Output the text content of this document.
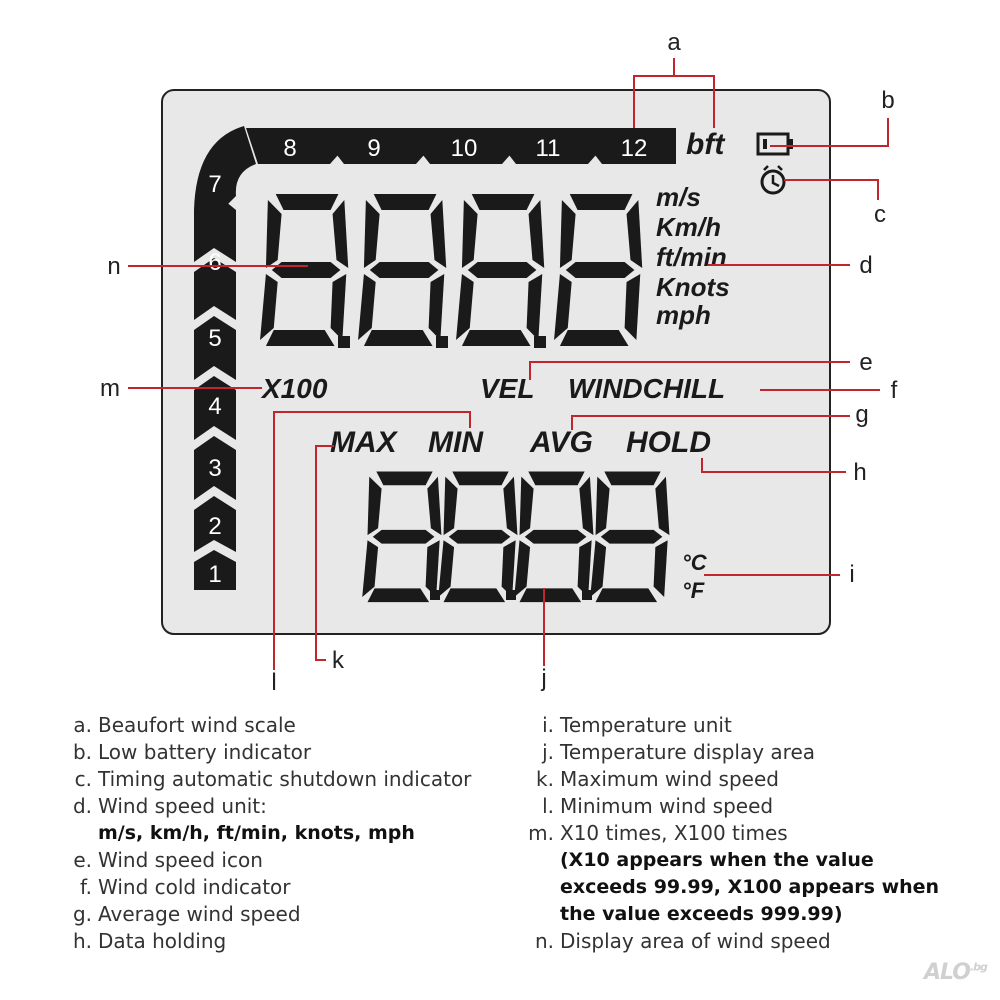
8	9	10 11	12 bft
7
6
5
4
3
2
1
m/s
Km/h
ft/min
Knots
mph
X100	VEL WINDCHILL
MAX MIN AVG HOLD
°C
°F
a
b
c
d
e
f
g
h
i
j
k
l
m
n
a. Beaufort wind scale
b. Low battery indicator
c. Timing automatic shutdown indicator
d. Wind speed unit:
m/s, km/h, ft/min, knots, mph
e. Wind speed icon
f. Wind cold indicator
g. Average wind speed
h. Data holding
i. Temperature unit
j. Temperature display area
k. Maximum wind speed
l. Minimum wind speed
m. X10 times, X100 times
(X10 appears when the value
exceeds 99.99, X100 appears when
the value exceeds 999.99)
n. Display area of wind speed
$ALO^{.bg}$
